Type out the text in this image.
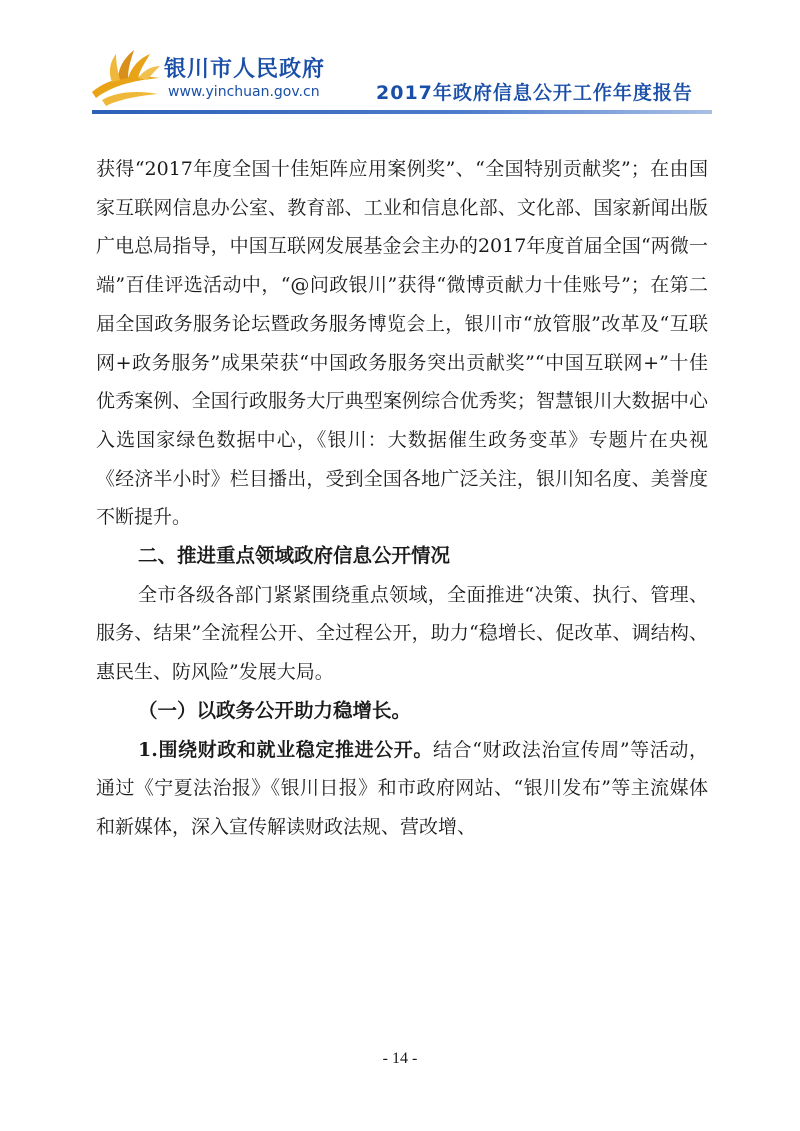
银川市人民政府
www.yinchuan.gov.cn	2017年政府信息公开工作年度报告

获得“2017年度全国十佳矩阵应用案例奖”、“全国特别贡献奖”；在由国家互联网信息办公室、教育部、工业和信息化部、文化部、国家新闻出版广电总局指导，中国互联网发展基金会主办的2017年度首届全国“两微一端”百佳评选活动中，“@问政银川”获得“微博贡献力十佳账号”；在第二届全国政务服务论坛暨政务服务博览会上，银川市“放管服”改革及“互联网+政务服务”成果荣获“中国政务服务突出贡献奖”“中国互联网+”十佳优秀案例、全国行政服务大厅典型案例综合优秀奖；智慧银川大数据中心入选国家绿色数据中心，《银川：大数据催生政务变革》专题片在央视《经济半小时》栏目播出，受到全国各地广泛关注，银川知名度、美誉度不断提升。

二、推进重点领域政府信息公开情况

全市各级各部门紧紧围绕重点领域，全面推进“决策、执行、管理、服务、结果”全流程公开、全过程公开，助力“稳增长、促改革、调结构、惠民生、防风险”发展大局。

（一）以政务公开助力稳增长。

1.围绕财政和就业稳定推进公开。结合“财政法治宣传周”等活动，通过《宁夏法治报》《银川日报》和市政府网站、“银川发布”等主流媒体和新媒体，深入宣传解读财政法规、营改增、

- 14 -
